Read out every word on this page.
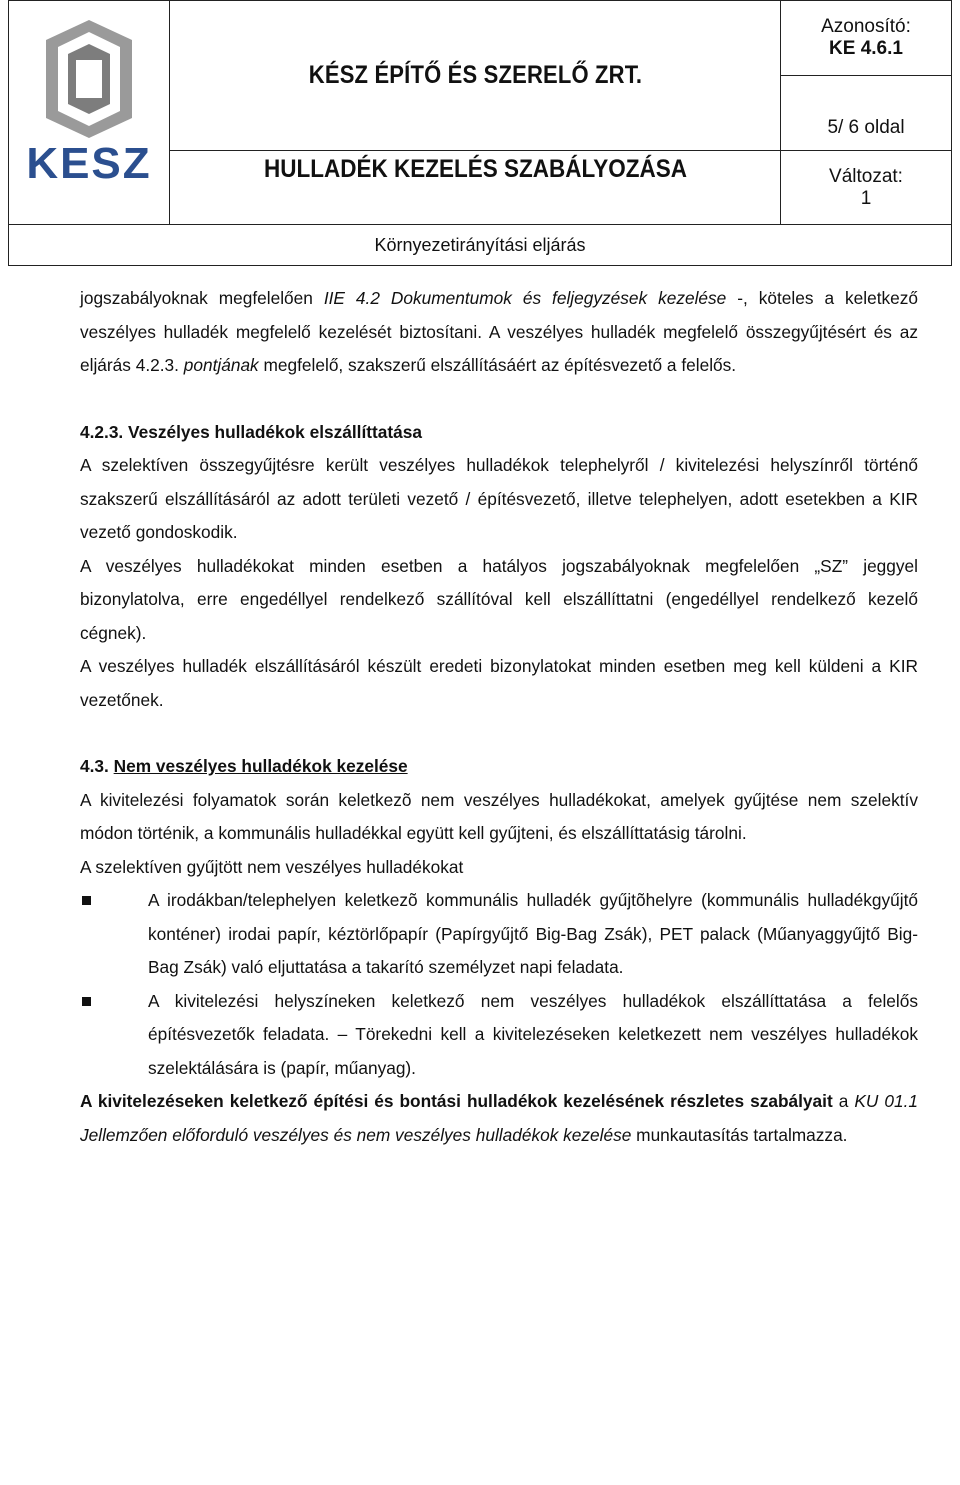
KESZ	KÉSZ ÉPÍTŐ ÉS SZERELŐ ZRT.	Azonosító:
KE 4.6.1

		5/ 6 oldal

	HULLADÉK KEZELÉS SZABÁLYOZÁSA	Változat:
1

Környezetirányítási eljárás		

jogszabályoknak megfelelően IIE 4.2 Dokumentumok és feljegyzések kezelése -, köteles a keletkező veszélyes hulladék megfelelő kezelését biztosítani. A veszélyes hulladék megfelelő összegyűjtésért és az eljárás 4.2.3. pontjának megfelelő, szakszerű elszállításáért az építésvezető a felelős.

4.2.3. Veszélyes hulladékok elszállíttatása

A szelektíven összegyűjtésre került veszélyes hulladékok telephelyről / kivitelezési helyszínről történő szakszerű elszállításáról az adott területi vezető / építésvezető, illetve telephelyen, adott esetekben a KIR vezető gondoskodik.

A veszélyes hulladékokat minden esetben a hatályos jogszabályoknak megfelelően „SZ” jeggyel bizonylatolva, erre engedéllyel rendelkező szállítóval kell elszállíttatni (engedéllyel rendelkező kezelő cégnek).

A veszélyes hulladék elszállításáról készült eredeti bizonylatokat minden esetben meg kell küldeni a KIR vezetőnek.

4.3. Nem veszélyes hulladékok kezelése

A kivitelezési folyamatok során keletkezõ nem veszélyes hulladékokat, amelyek gyűjtése nem szelektív módon történik, a kommunális hulladékkal együtt kell gyűjteni, és elszállíttatásig tárolni.

A szelektíven gyűjtött nem veszélyes hulladékokat

A irodákban/telephelyen keletkezõ kommunális hulladék gyűjtõhelyre (kommunális hulladékgyűjtő konténer) irodai papír, kéztörlőpapír (Papírgyűjtő Big-Bag Zsák), PET palack (Műanyaggyűjtő Big-Bag Zsák) való eljuttatása a takarító személyzet napi feladata.

A kivitelezési helyszíneken keletkező nem veszélyes hulladékok elszállíttatása a felelős építésvezetők feladata. – Törekedni kell a kivitelezéseken keletkezett nem veszélyes hulladékok szelektálására is (papír, műanyag).

A kivitelezéseken keletkező építési és bontási hulladékok kezelésének részletes szabályait a KU 01.1 Jellemzően előforduló veszélyes és nem veszélyes hulladékok kezelése munkautasítás tartalmazza.
